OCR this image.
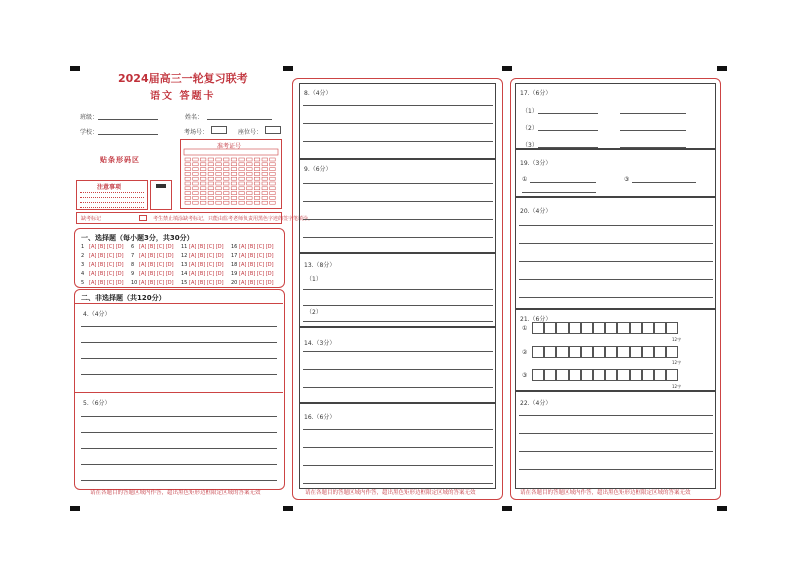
2024届高三一轮复习联考
语文 答题卡
班级：	姓名：
学校：	考场号：	座位号：
准考证号
贴条形码区
注意事项
缺考标记	考生禁止填涂缺考标记，只能由监考老师负责用黑色字迹的签字笔填涂。
一、选择题（每小题3分，共30分）
1 [A] [B] [C] [D] 6 [A] [B] [C] [D] 11 [A] [B] [C] [D] 16 [A] [B] [C] [D]
2 [A] [B] [C] [D] 7 [A] [B] [C] [D] 12 [A] [B] [C] [D] 17 [A] [B] [C] [D]
3 [A] [B] [C] [D] 8 [A] [B] [C] [D] 13 [A] [B] [C] [D] 18 [A] [B] [C] [D]
4 [A] [B] [C] [D] 9 [A] [B] [C] [D] 14 [A] [B] [C] [D] 19 [A] [B] [C] [D]
5 [A] [B] [C] [D] 10 [A] [B] [C] [D] 15 [A] [B] [C] [D] 20 [A] [B] [C] [D]
二、非选择题（共120分）
4.（4分）
5.（6分）
请在各题目的答题区域内作答，超出黑色矩形边框限定区域的答案无效
8.（4分）
9.（6分）
13.（8分）
（1）
（2）
14.（3分）
16.（6分）
请在各题目的答题区域内作答，超出黑色矩形边框限定区域的答案无效
17.（6分）
（1）
（2）
（3）
19.（3分）
①	③
20.（4分）
21.（6分）
①
②
③
12字
12字
12字
22.（4分）
请在各题目的答题区域内作答，超出黑色矩形边框限定区域的答案无效
